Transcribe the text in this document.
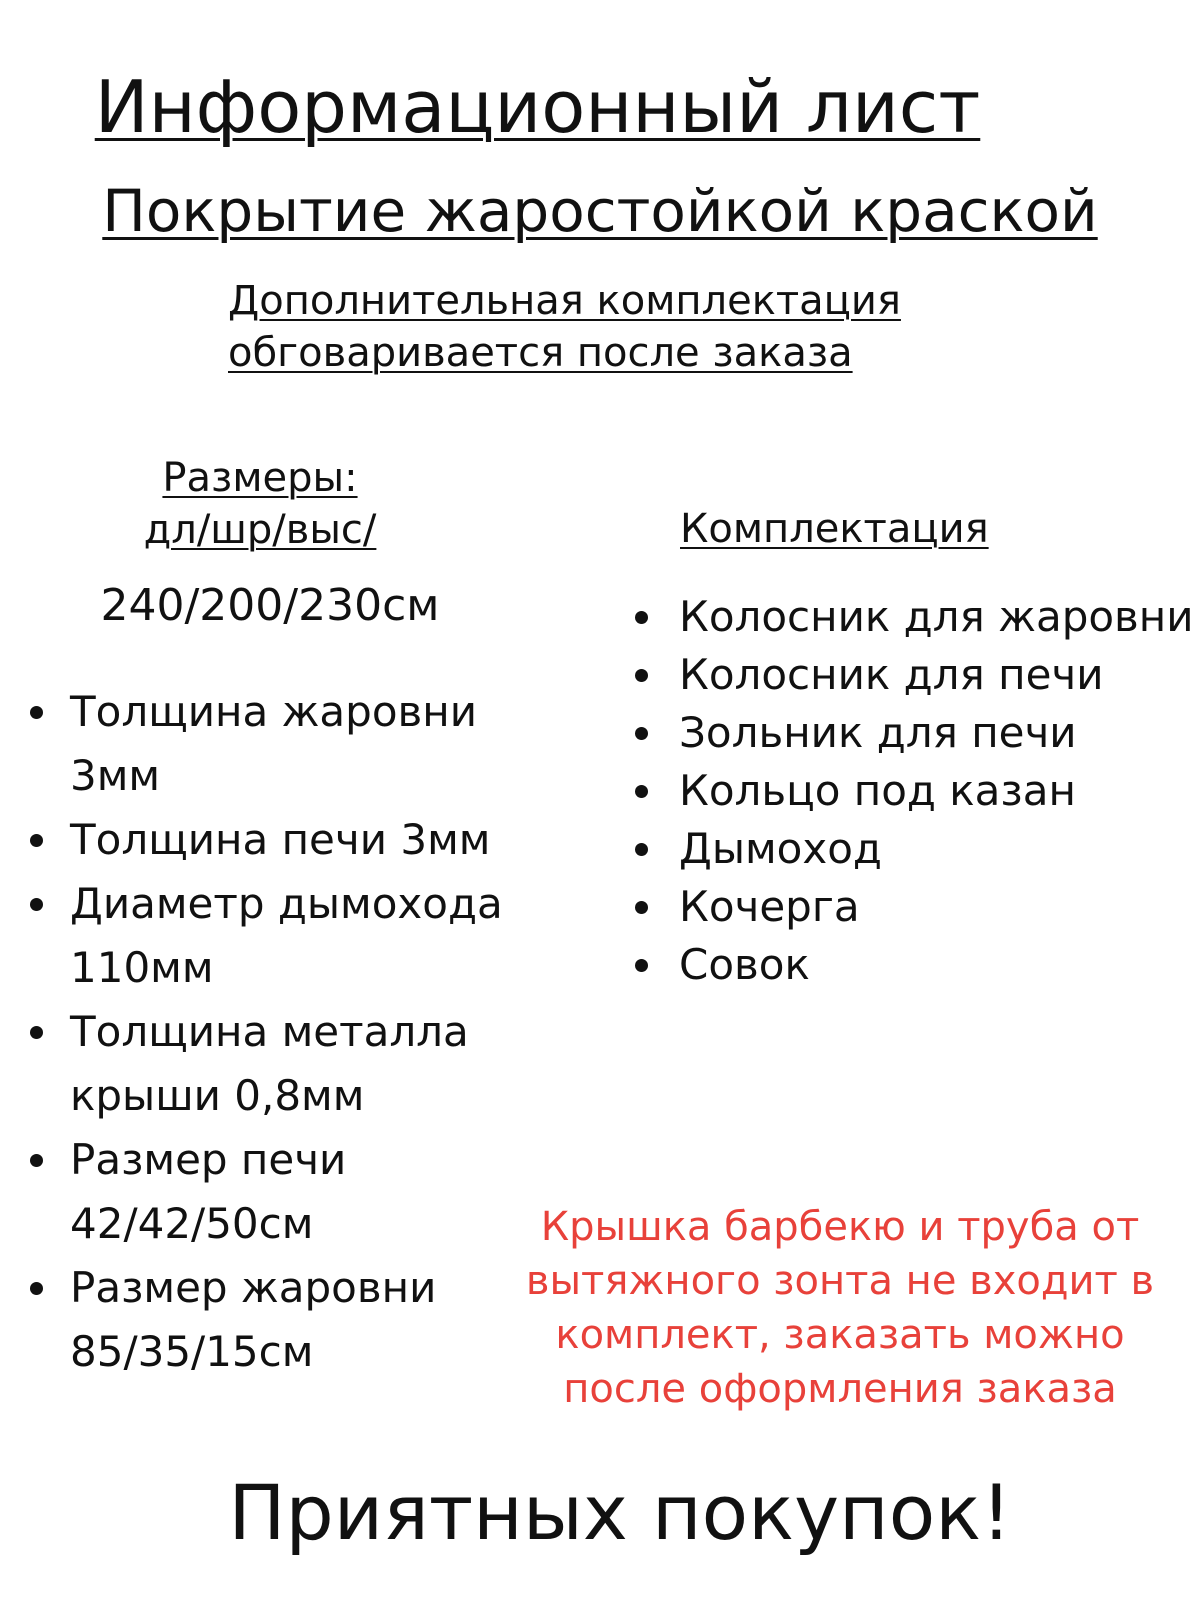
Информационный лист
Покрытие жаростойкой краской
Дополнительная комплектация
обговаривается после заказа
Размеры:
дл/шр/выс/
240/200/230см
Толщина жаровни 3мм
Толщина печи 3мм
Диаметр дымохода 110мм
Толщина металла крыши 0,8мм
Размер печи 42/42/50см
Размер жаровни 85/35/15см
Комплектация
Колосник для жаровни
Колосник для печи
Зольник для печи
Кольцо под казан
Дымоход
Кочерга
Совок
Крышка барбекю и труба от
вытяжного зонта не входит в
комплект, заказать можно
после оформления заказа
Приятных покупок!
